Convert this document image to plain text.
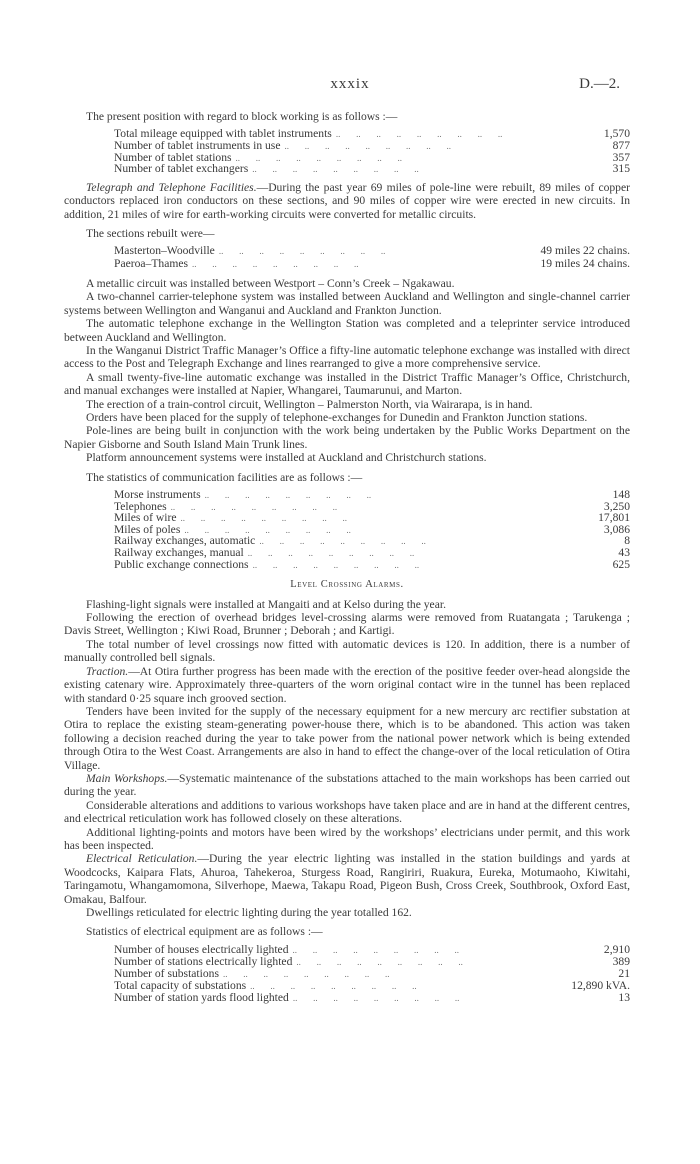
xxxix	D.—2.

The present position with regard to block working is as follows :—

Total mileage equipped with tablet instruments ..       ..       ..       ..       ..       ..       ..       ..       ..	1,570
Number of tablet instruments in use ..       ..       ..       ..       ..       ..       ..       ..       ..	877
Number of tablet stations ..       ..       ..       ..       ..       ..       ..       ..       ..	357
Number of tablet exchangers ..       ..       ..       ..       ..       ..       ..       ..       ..	315

Telegraph and Telephone Facilities.—During the past year 69 miles of pole-line were rebuilt, 89 miles of copper conductors replaced iron conductors on these sections, and 90 miles of copper wire were erected in new circuits. In addition, 21 miles of wire for earth-working circuits were converted for metallic circuits.

The sections rebuilt were—

Masterton–Woodville ..       ..       ..       ..       ..       ..       ..       ..       ..	49 miles 22 chains.
Paeroa–Thames ..       ..       ..       ..       ..       ..       ..       ..       ..	19 miles 24 chains.

A metallic circuit was installed between Westport – Conn’s Creek – Ngakawau.

A two-channel carrier-telephone system was installed between Auckland and Wellington and single-channel carrier systems between Wellington and Wanganui and Auckland and Frankton Junction.

The automatic telephone exchange in the Wellington Station was completed and a teleprinter service introduced between Auckland and Wellington.

In the Wanganui District Traffic Manager’s Office a fifty-line automatic telephone exchange was installed with direct access to the Post and Telegraph Exchange and lines rearranged to give a more comprehensive service.

A small twenty-five-line automatic exchange was installed in the District Traffic Manager’s Office, Christchurch, and manual exchanges were installed at Napier, Whangarei, Taumarunui, and Marton.

The erection of a train-control circuit, Wellington – Palmerston North, via Wairarapa, is in hand.

Orders have been placed for the supply of telephone-exchanges for Dunedin and Frankton Junction stations.

Pole-lines are being built in conjunction with the work being undertaken by the Public Works Department on the Napier Gisborne and South Island Main Trunk lines.

Platform announcement systems were installed at Auckland and Christchurch stations.

The statistics of communication facilities are as follows :—

Morse instruments ..       ..       ..       ..       ..       ..       ..       ..       ..	148
Telephones ..       ..       ..       ..       ..       ..       ..       ..       ..	3,250
Miles of wire ..       ..       ..       ..       ..       ..       ..       ..       ..	17,801
Miles of poles ..       ..       ..       ..       ..       ..       ..       ..       ..	3,086
Railway exchanges, automatic ..       ..       ..       ..       ..       ..       ..       ..       ..	8
Railway exchanges, manual ..       ..       ..       ..       ..       ..       ..       ..       ..	43
Public exchange connections ..       ..       ..       ..       ..       ..       ..       ..       ..	625
Level Crossing Alarms.

Flashing-light signals were installed at Mangaiti and at Kelso during the year.

Following the erection of overhead bridges level-crossing alarms were removed from Ruatangata ; Tarukenga ; Davis Street, Wellington ; Kiwi Road, Brunner ; Deborah ; and Kartigi.

The total number of level crossings now fitted with automatic devices is 120. In addition, there is a number of manually controlled bell signals.

Traction.—At Otira further progress has been made with the erection of the positive feeder over-head alongside the existing catenary wire. Approximately three-quarters of the worn original contact wire in the tunnel has been replaced with standard 0·25 square inch grooved section.

Tenders have been invited for the supply of the necessary equipment for a new mercury arc rectifier substation at Otira to replace the existing steam-generating power-house there, which is to be abandoned. This action was taken following a decision reached during the year to take power from the national power network which is being extended through Otira to the West Coast. Arrangements are also in hand to effect the change-over of the local reticulation of Otira Village.

Main Workshops.—Systematic maintenance of the substations attached to the main workshops has been carried out during the year.

Considerable alterations and additions to various workshops have taken place and are in hand at the different centres, and electrical reticulation work has followed closely on these alterations.

Additional lighting-points and motors have been wired by the workshops’ electricians under permit, and this work has been inspected.

Electrical Reticulation.—During the year electric lighting was installed in the station buildings and yards at Woodcocks, Kaipara Flats, Ahuroa, Tahekeroa, Sturgess Road, Rangiriri, Ruakura, Eureka, Motumaoho, Kiwitahi, Taringamotu, Whangamomona, Silverhope, Maewa, Takapu Road, Pigeon Bush, Cross Creek, Southbrook, Oxford East, Omakau, Balfour.

Dwellings reticulated for electric lighting during the year totalled 162.

Statistics of electrical equipment are as follows :—

Number of houses electrically lighted ..       ..       ..       ..       ..       ..       ..       ..       ..	2,910
Number of stations electrically lighted ..       ..       ..       ..       ..       ..       ..       ..       ..	389
Number of substations ..       ..       ..       ..       ..       ..       ..       ..       ..	21
Total capacity of substations ..       ..       ..       ..       ..       ..       ..       ..       ..	12,890 kVA.
Number of station yards flood lighted ..       ..       ..       ..       ..       ..       ..       ..       ..	13
